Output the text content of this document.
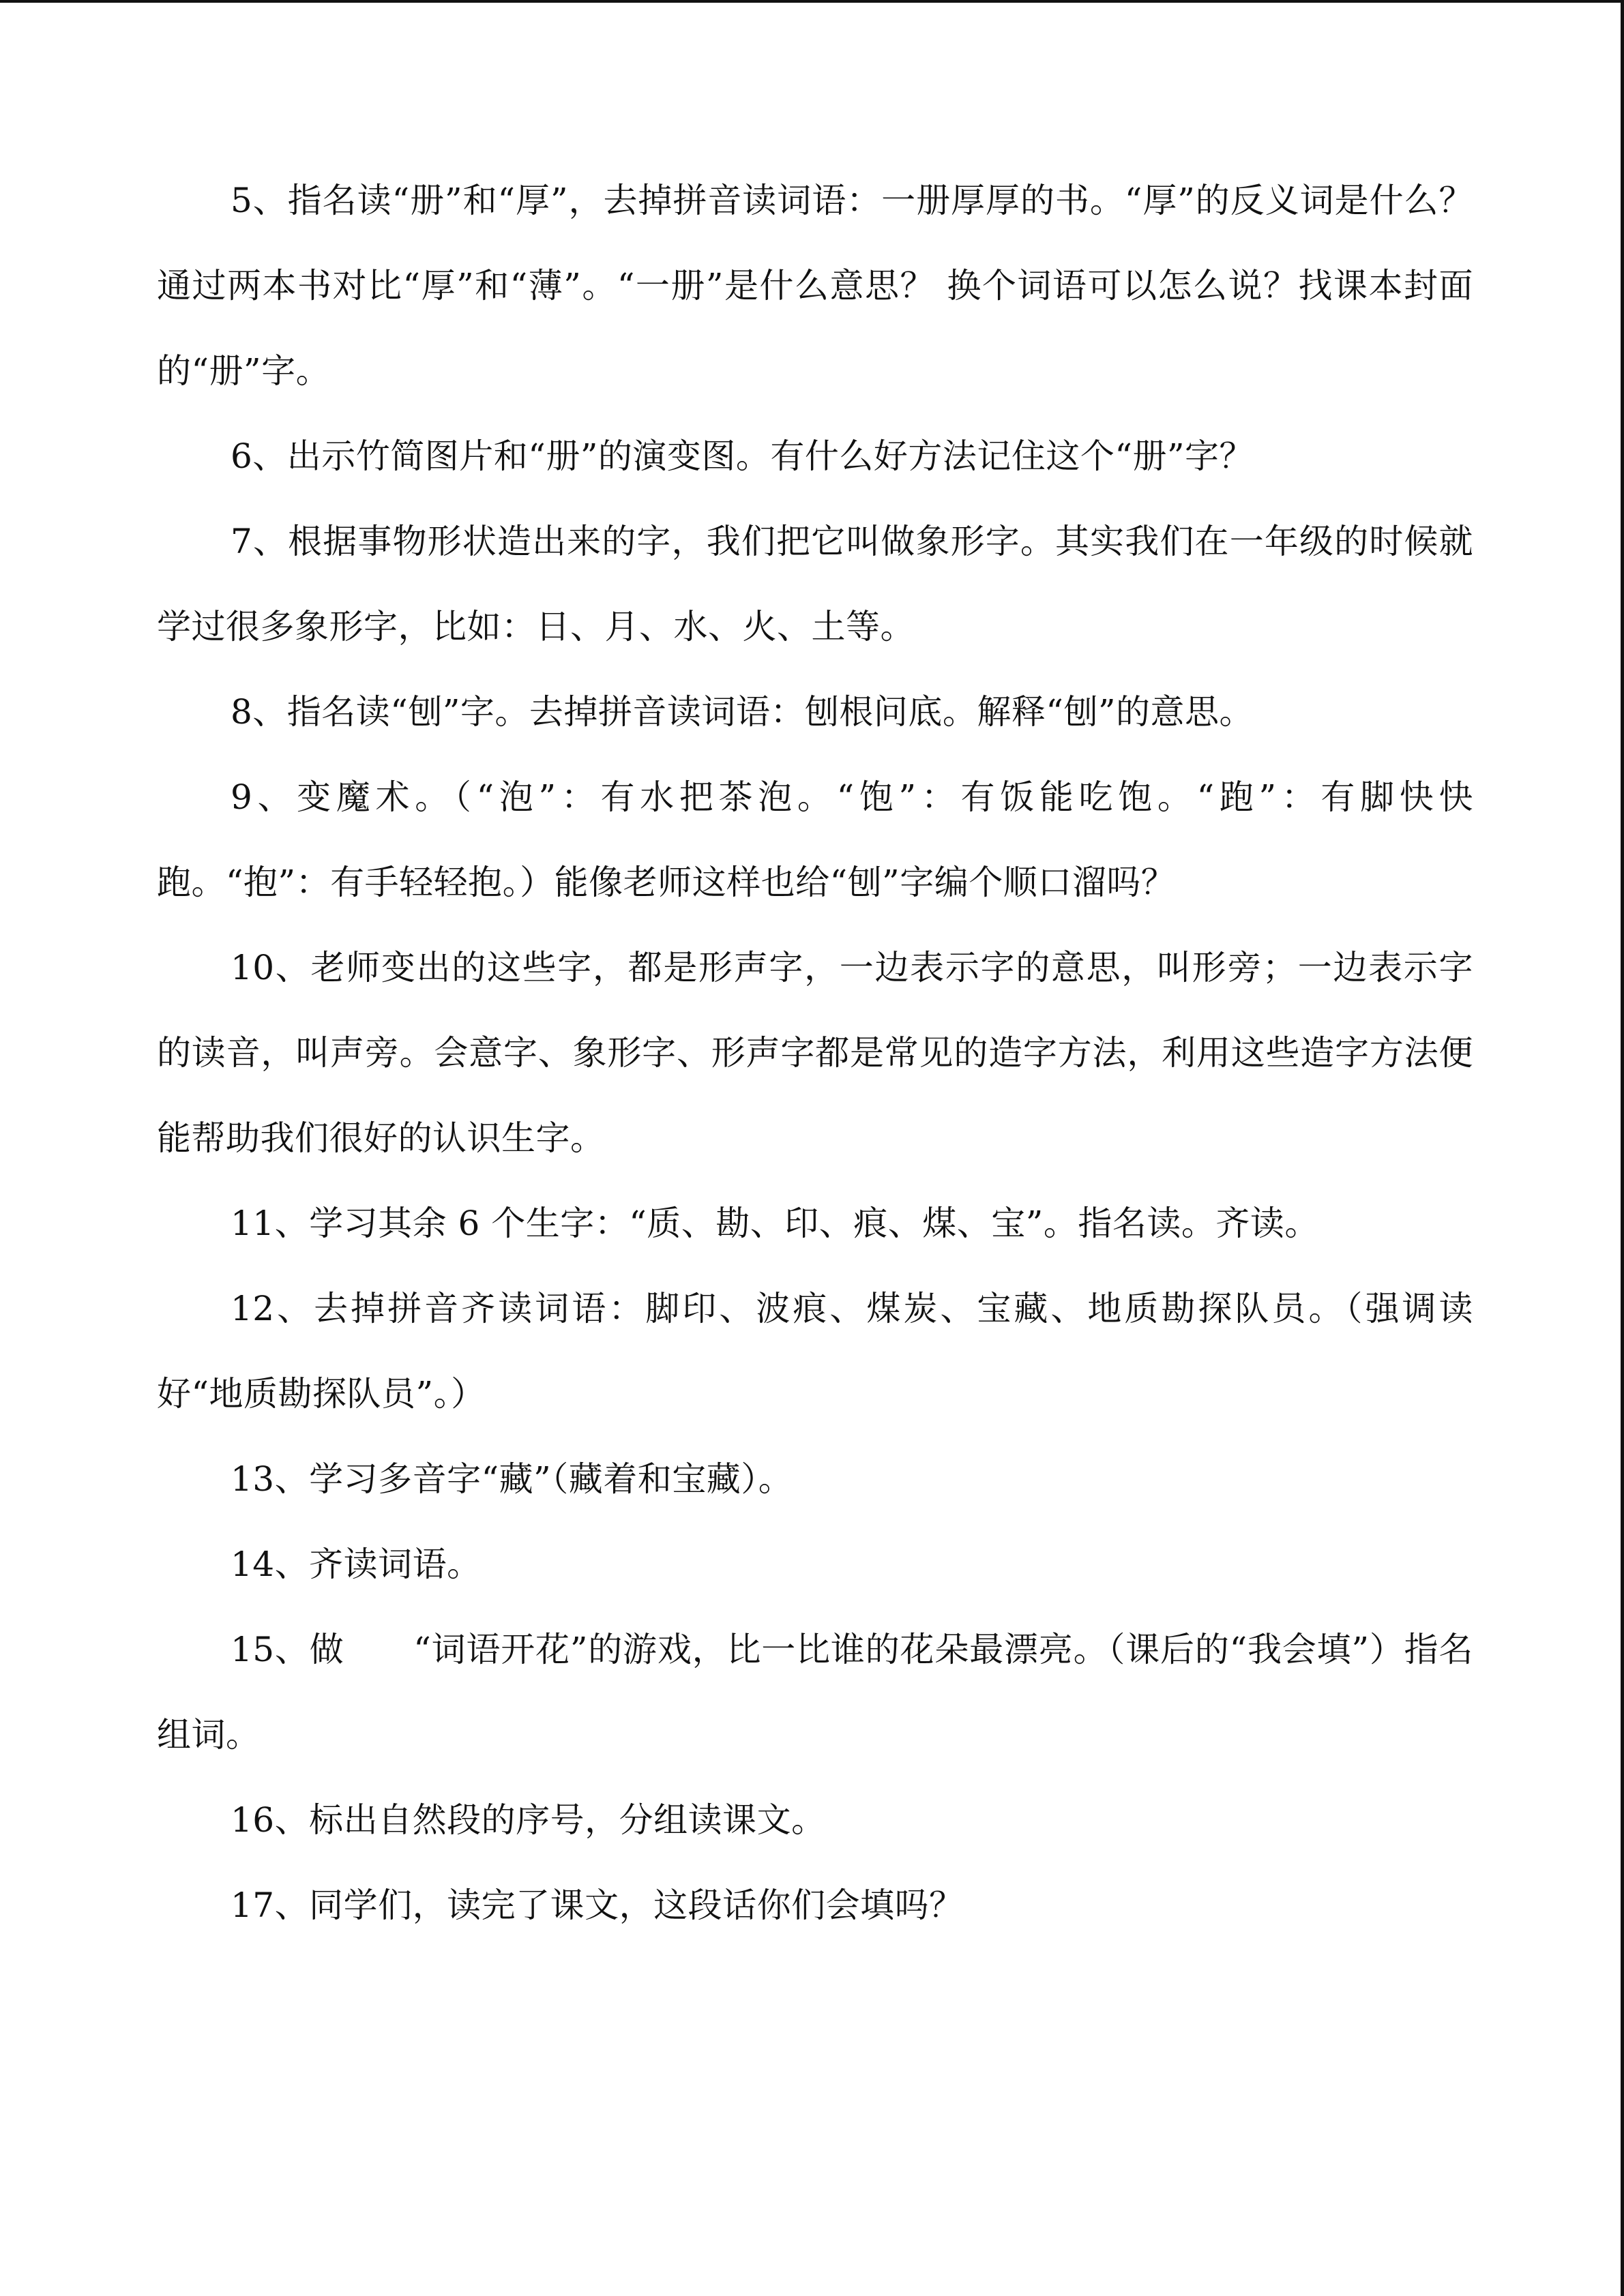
5、指名读“册”和“厚”，去掉拼音读词语：一册厚厚的书。“厚”的反义词是什么？通过两本书对比“厚”和“薄”。“一册”是什么意思？ 换个词语可以怎么说？找课本封面的“册”字。

6、出示竹简图片和“册”的演变图。有什么好方法记住这个“册”字？

7、根据事物形状造出来的字，我们把它叫做象形字。其实我们在一年级的时候就学过很多象形字，比如：日、月、水、火、土等。

8、指名读“刨”字。去掉拼音读词语：刨根问底。解释“刨”的意思。

9、变魔术。（“泡”：有水把茶泡。“饱”：有饭能吃饱。“跑”：有脚快快跑。“抱”：有手轻轻抱。）能像老师这样也给“刨”字编个顺口溜吗？

10、老师变出的这些字，都是形声字，一边表示字的意思，叫形旁；一边表示字的读音，叫声旁。会意字、象形字、形声字都是常见的造字方法，利用这些造字方法便能帮助我们很好的认识生字。

11、学习其余 6 个生字：“质、勘、印、痕、煤、宝”。指名读。齐读。

12、去掉拼音齐读词语：脚印、波痕、煤炭、宝藏、地质勘探队员。（强调读好“地质勘探队员”。）

13、学习多音字“藏”（藏着和宝藏）。

14、齐读词语。

15、做　　“词语开花”的游戏，比一比谁的花朵最漂亮。（课后的“我会填”）指名组词。

16、标出自然段的序号，分组读课文。

17、同学们，读完了课文，这段话你们会填吗？
